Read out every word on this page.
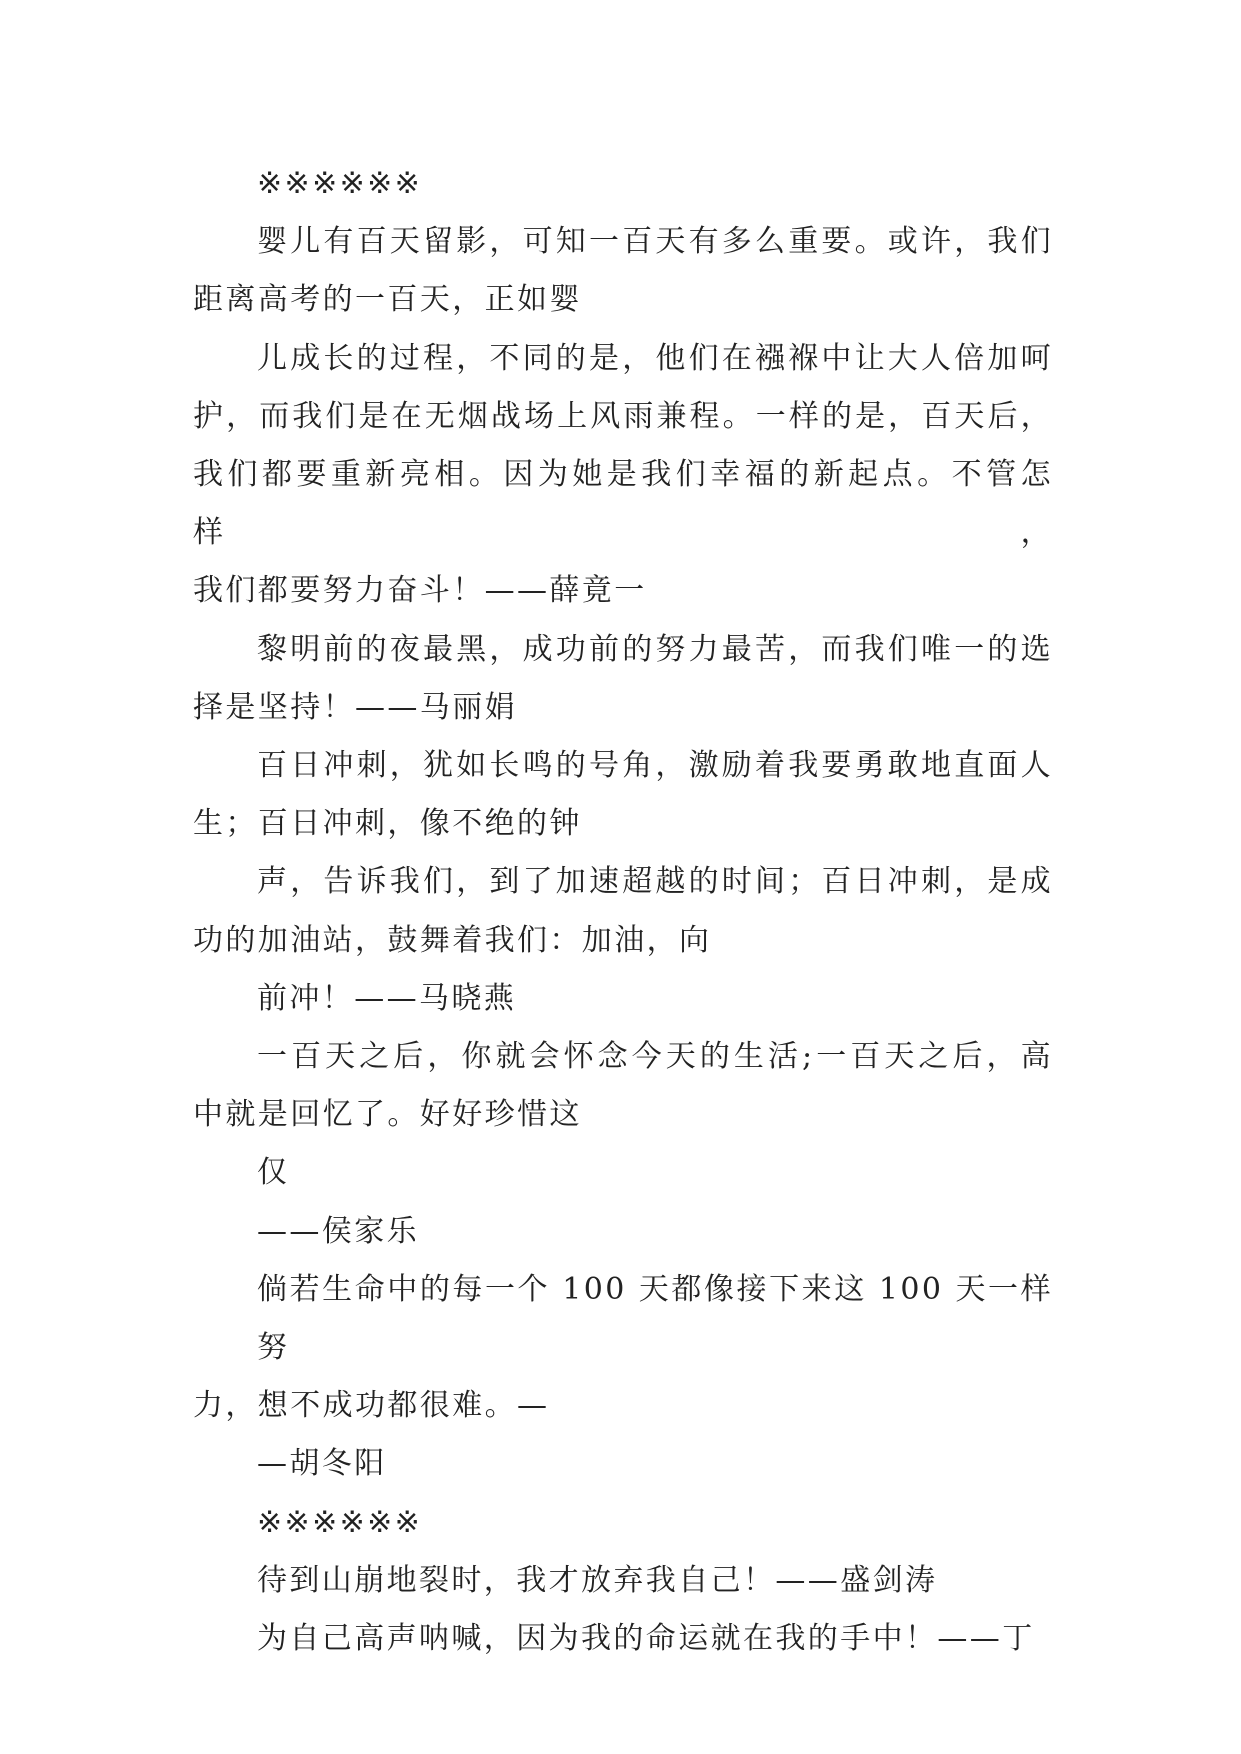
※※※※※※
婴儿有百天留影，可知一百天有多么重要。或许，我们
距离高考的一百天，正如婴
儿成长的过程，不同的是，他们在襁褓中让大人倍加呵
护，而我们是在无烟战场上风雨兼程。一样的是，百天后，
我们都要重新亮相。因为她是我们幸福的新起点。不管怎样，
我们都要努力奋斗！——薛竟一
黎明前的夜最黑，成功前的努力最苦，而我们唯一的选
择是坚持！——马丽娟
百日冲刺，犹如长鸣的号角，激励着我要勇敢地直面人
生；百日冲刺，像不绝的钟
声，告诉我们，到了加速超越的时间；百日冲刺，是成
功的加油站，鼓舞着我们：加油，向
前冲！——马晓燕
一百天之后，你就会怀念今天的生活;一百天之后，高
中就是回忆了。好好珍惜这
仅
——侯家乐
倘若生命中的每一个 100 天都像接下来这 100 天一样努
力，想不成功都很难。—
—胡冬阳
※※※※※※
待到山崩地裂时，我才放弃我自己！——盛剑涛
为自己高声呐喊，因为我的命运就在我的手中！——丁
